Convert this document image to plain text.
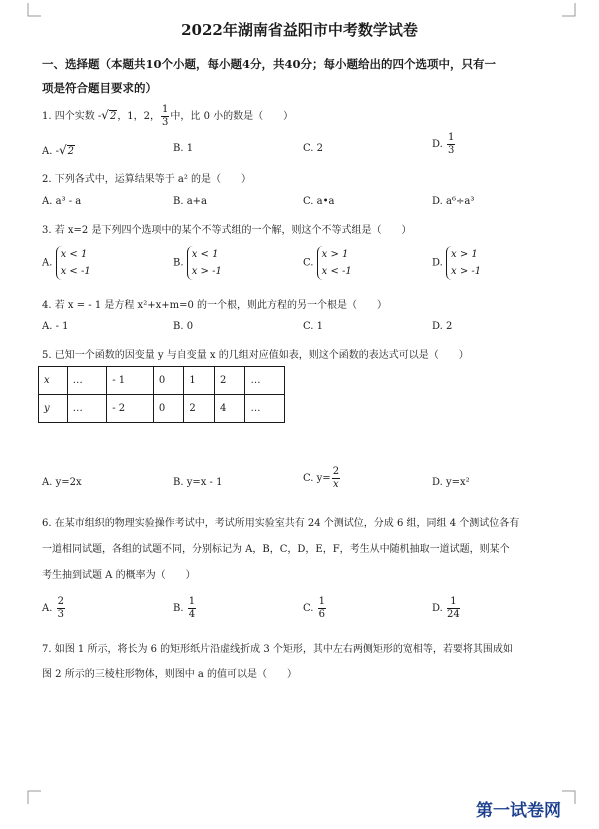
2022年湖南省益阳市中考数学试卷
一、选择题（本题共10个小题，每小题4分，共40分；每小题给出的四个选项中，只有一
项是符合题目要求的）
1. 四个实数 -√2，1，2， $\frac{1}{3}$ 中，比 0 小的数是（　　）
A. -√2	B. 1	C. 2	D. $\frac{1}{3}$
2. 下列各式中，运算结果等于 a² 的是（　　）
A. a³ - a	B. a+a	C. a•a	D. a⁶÷a³
3. 若 x=2 是下列四个选项中的某个不等式组的一个解，则这个不等式组是（　　）
A. x < 1
x < -1
B. x < 1
x > -1
C. x > 1
x < -1
D. x > 1
x > -1
4. 若 x = - 1 是方程 x²+x+m=0 的一个根，则此方程的另一个根是（　　）
A. - 1	B. 0	C. 1	D. 2
5. 已知一个函数的因变量 y 与自变量 x 的几组对应值如表，则这个函数的表达式可以是（　　）
x	…	- 1	0	1	2	…
y	…	- 2	0	2	4	…
A. y=2x	B. y=x - 1	C. $y= \frac{2}{x}$	D. y=x²
6. 在某市组织的物理实验操作考试中，考试所用实验室共有 24 个测试位，分成 6 组，同组 4 个测试位各有
一道相同试题，各组的试题不同，分别标记为 A，B，C，D，E，F，考生从中随机抽取一道试题，则某个
考生抽到试题 A 的概率为（　　）
A. $\frac{2}{3}$	B. $\frac{1}{4}$	C. $\frac{1}{6}$	D. $\frac{1}{24}$
7. 如图 1 所示，将长为 6 的矩形纸片沿虚线折成 3 个矩形，其中左右两侧矩形的宽相等，若要将其围成如
图 2 所示的三棱柱形物体，则图中 a 的值可以是（　　）
第一试卷网
